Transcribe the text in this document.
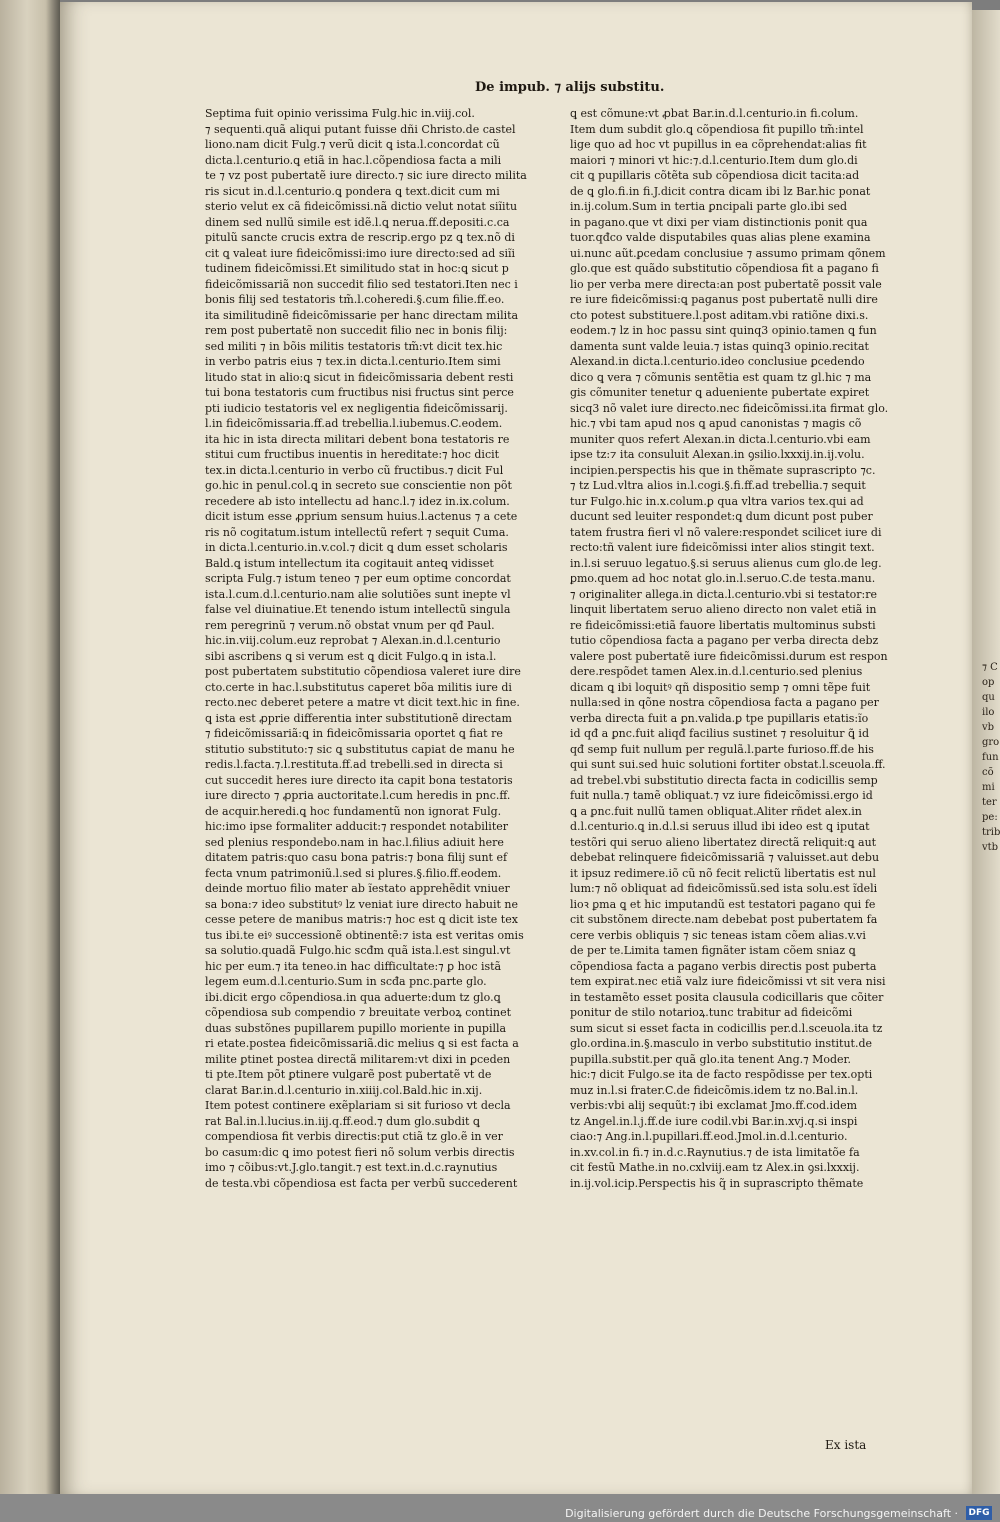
⁊ C
op
qu
ilo
vb
gro
fun
cõ
mi
ter
pe:
trib
vtb
De impub. ⁊ alijs substitu.
Septima fuit opinio verissima Fulg.hic in.viij.col.
⁊ sequenti.quã aliqui putant fuisse dñi Christo.de castel
liono.nam dicit Fulg.⁊ verũ dicit ꝗ ista.l.concordat cũ
dicta.l.centurio.ꝗ etiã in hac.l.cõpendiosa facta a mili
te ⁊ vz post pubertatẽ iure directo.⁊ sic iure directo milita
ris sicut in.d.l.centurio.ꝗ pondera ꝗ text.dicit cum mi
sterio velut ex cã fideicõmissi.nã dictio velut notat siĩitu
dinem sed nullũ simile est idẽ.l.ꝗ nerua.ff.depositi.c.ca
pitulũ sancte crucis extra de rescrip.ergo pz ꝗ tex.nõ di
cit ꝗ valeat iure fideicõmissi:imo iure directo:sed ad siĩi
tudinem fideicõmissi.Et similitudo stat in hoc:ꝗ sicut p
fideicõmissariã non succedit filio sed testatori.Iten nec i
bonis filij sed testatoris tm̃.l.coheredi.§.cum filie.ff.eo.
ita similitudinẽ fideicõmissarie per hanc directam milita
rem post pubertatẽ non succedit filio nec in bonis filij:
sed militi ⁊ in bõis militis testatoris tm̃:vt dicit tex.hic
in verbo patris eius ⁊ tex.in dicta.l.centurio.Item simi
litudo stat in alio:ꝗ sicut in fideicõmissaria debent resti
tui bona testatoris cum fructibus nisi fructus sint perce
pti iudicio testatoris vel ex negligentia fideicõmissarij.
l.in fideicõmissaria.ff.ad trebellia.l.iubemus.C.eodem.
ita hic in ista directa militari debent bona testatoris re
stitui cum fructibus inuentis in hereditate:⁊ hoc dicit
tex.in dicta.l.centurio in verbo cũ fructibus.⁊ dicit Ful
go.hic in penul.col.ꝗ in secreto sue conscientie non põt
recedere ab isto intellectu ad hanc.l.⁊ idez in.ix.colum.
dicit istum esse ꝓprium sensum huius.l.actenus ⁊ a cete
ris nõ cogitatum.istum intellectũ refert ⁊ sequit Cuma.
in dicta.l.centurio.in.v.col.⁊ dicit ꝗ dum esset scholaris
Bald.ꝗ istum intellectum ita cogitauit anteꝗ vidisset
scripta Fulg.⁊ istum teneo ⁊ per eum optime concordat
ista.l.cum.d.l.centurio.nam alie solutiões sunt inepte vl
false vel diuinatiue.Et tenendo istum intellectũ singula
rem peregrinũ ⁊ verum.nõ obstat vnum per qđ Paul.
hic.in.viij.colum.euz reprobat ⁊ Alexan.in.d.l.centurio
sibi ascribens ꝗ si verum est ꝗ dicit Fulgo.ꝗ in ista.l.
post pubertatem substitutio cõpendiosa valeret iure dire
cto.certe in hac.l.substitutus caperet bõa militis iure di
recto.nec deberet petere a matre vt dicit text.hic in fine.
ꝗ ista est ꝓprie differentia inter substitutionẽ directam
⁊ fideicõmissariã:ꝗ in fideicõmissaria oportet ꝗ fiat re
stitutio substituto:⁊ sic ꝗ substitutus capiat de manu he
redis.l.facta.⁊.l.restituta.ff.ad trebelli.sed in directa si
cut succedit heres iure directo ita capit bona testatoris
iure directo ⁊ ꝓpria auctoritate.l.cum heredis in pnc.ff.
de acquir.heredi.ꝗ hoc fundamentũ non ignorat Fulg.
hic:imo ipse formaliter adducit:⁊ respondet notabiliter
sed plenius respondebo.nam in hac.l.filius adiuit here
ditatem patris:quo casu bona patris:⁊ bona filij sunt ef
fecta vnum patrimoniũ.l.sed si plures.§.filio.ff.eodem.
deinde mortuo filio mater ab ĩestato apprehẽdit vniuer
sa bona:⁊ ideo substitutꝰ lz veniat iure directo habuit ne
cesse petere de manibus matris:⁊ hoc est ꝗ dicit iste tex
tus ibi.te eiꝰ successionẽ obtinentẽ:⁊ ista est veritas omis
sa solutio.quadã Fulgo.hic scđm quã ista.l.est singul.vt
hic per eum.⁊ ita teneo.in hac difficultate:⁊ ꝑ hoc istã
legem eum.d.l.centurio.Sum in scđa pnc.parte glo.
ibi.dicit ergo cõpendiosa.in qua aduerte:dum tz glo.ꝗ
cõpendiosa sub compendio ⁊ breuitate verboꝝ continet
duas substõnes pupillarem pupillo moriente in pupilla
ri etate.postea fideicõmissariã.dic melius ꝗ si est facta a
milite ꝑtinet postea directã militarem:vt dixi in ꝑceden
ti pte.Item põt ꝑtinere vulgarẽ post pubertatẽ vt de
clarat Bar.in.d.l.centurio in.xiiij.col.Bald.hic in.xij.
Item potest continere exẽplariam si sit furioso vt decla
rat Bal.in.l.lucius.in.iij.q.ff.eod.⁊ dum glo.subdit ꝗ
compendiosa fit verbis directis:put ctiã tz glo.ẽ in ver
bo casum:dic ꝗ imo potest fieri nõ solum verbis directis
imo ⁊ cõibus:vt.J.glo.tangit.⁊ est text.in.d.c.raynutius
de testa.vbi cõpendiosa est facta per verbũ succederent
ꝗ est cõmune:vt ꝓbat Bar.in.d.l.centurio.in fi.colum.
Item dum subdit glo.ꝗ cõpendiosa fit pupillo tm̃:intel
lige quo ad hoc vt pupillus in ea cõprehendat:alias fit
maiori ⁊ minori vt hic:⁊.d.l.centurio.Item dum glo.di
cit ꝗ pupillaris cõtẽta sub cõpendiosa dicit tacita:ad
de ꝗ glo.fi.in fi.J.dicit contra dicam ibi lz Bar.hic ponat
in.ij.colum.Sum in tertia ꝑncipali parte glo.ibi sed
in pagano.que vt dixi per viam distinctionis ponit qua
tuor.qđco valde disputabiles quas alias plene examina
ui.nunc aũt.ꝑcedam conclusiue ⁊ assumo primam qõnem
glo.que est quãdo substitutio cõpendiosa fit a pagano fi
lio per verba mere directa:an post pubertatẽ possit vale
re iure fideicõmissi:ꝗ paganus post pubertatẽ nulli dire
cto potest substituere.l.post aditam.vbi ratiõne dixi.s.
eodem.⁊ lz in hoc passu sint quinq3 opinio.tamen ꝗ fun
damenta sunt valde leuia.⁊ istas quinq3 opinio.recitat
Alexand.in dicta.l.centurio.ideo conclusiue ꝑcedendo
dico ꝗ vera ⁊ cõmunis sentẽtia est quam tz gl.hic ⁊ ma
gis cõmuniter tenetur ꝗ adueniente pubertate expiret
sicq3 nõ valet iure directo.nec fideicõmissi.ita firmat glo.
hic.⁊ vbi tam apud nos ꝗ apud canonistas ⁊ magis cõ
muniter quos refert Alexan.in dicta.l.centurio.vbi eam
ipse tz:⁊ ita consuluit Alexan.in ꝯsilio.lxxxij.in.ij.volu.
incipien.perspectis his que in thẽmate suprascripto ⁊c.
⁊ tz Lud.vltra alios in.l.cogi.§.fi.ff.ad trebellia.⁊ sequit
tur Fulgo.hic in.x.colum.ꝑ qua vltra varios tex.qui ad
ducunt sed leuiter respondet:ꝗ dum dicunt post puber
tatem frustra fieri vl nõ valere:respondet scilicet iure di
recto:tñ valent iure fideicõmissi inter alios stingit text.
in.l.si seruuo legatuo.§.si seruus alienus cum glo.de leg.
ꝑmo.quem ad hoc notat glo.in.l.seruo.C.de testa.manu.
⁊ originaliter allega.in dicta.l.centurio.vbi si testator:re
linquit libertatem seruo alieno directo non valet etiã in
re fideicõmissi:etiã fauore libertatis multominus substi
tutio cõpendiosa facta a pagano per verba directa debz
valere post pubertatẽ iure fideicõmissi.durum est respon
dere.respõdet tamen Alex.in.d.l.centurio.sed plenius
dicam ꝗ ibi loquitꝰ qñ dispositio semp ⁊ omni tẽpe fuit
nulla:sed in qõne nostra cõpendiosa facta a pagano per
verba directa fuit a ꝑn.valida.ꝑ tpe pupillaris etatis:ĩo
id qđ a ꝑnc.fuit aliqđ facilius sustinet ⁊ resoluitur ꝗ̃ id
qđ semp fuit nullum per regulã.l.parte furioso.ff.de his
qui sunt sui.sed huic solutioni fortiter obstat.l.sceuola.ff.
ad trebel.vbi substitutio directa facta in codicillis semp
fuit nulla.⁊ tamẽ obliquat.⁊ vz iure fideicõmissi.ergo id
ꝗ a ꝑnc.fuit nullũ tamen obliquat.Aliter rñdet alex.in
d.l.centurio.ꝗ in.d.l.si seruus illud ibi ideo est ꝗ iputat
testõri qui seruo alieno libertatez directã reliquit:ꝗ aut
debebat relinquere fideicõmissariã ⁊ valuisset.aut debu
it ipsuz redimere.iõ cũ nõ fecit relictũ libertatis est nul
lum:⁊ nõ obliquat ad fideicõmissũ.sed ista solu.est ĩdeli
lioꝛ ꝑma ꝗ et hic imputandũ est testatori pagano qui fe
cit substõnem directe.nam debebat post pubertatem fa
cere verbis obliquis ⁊ sic teneas istam cõem alias.v.vi
de per te.Limita tamen fignãter istam cõem sniaz ꝗ
cõpendiosa facta a pagano verbis directis post puberta
tem expirat.nec etiã valz iure fideicõmissi vt sit vera nisi
in testamẽto esset posita clausula codicillaris que cõiter
ponitur de stilo notarioꝝ.tunc trabitur ad fideicõmi
sum sicut si esset facta in codicillis per.d.l.sceuola.ita tz
glo.ordina.in.§.masculo in verbo substitutio institut.de
pupilla.substit.per quã glo.ita tenent Ang.⁊ Moder.
hic:⁊ dicit Fulgo.se ita de facto respõdisse per tex.opti
muz in.l.si frater.C.de fideicõmis.idem tz no.Bal.in.l.
verbis:vbi alij sequũt:⁊ ibi exclamat Jmo.ff.cod.idem
tz Angel.in.l.j.ff.de iure codil.vbi Bar.in.xvj.q.si inspi
ciao:⁊ Ang.in.l.pupillari.ff.eod.Jmol.in.d.l.centurio.
in.xv.col.in fi.⁊ in.d.c.Raynutius.⁊ de ista limitatõe fa
cit festũ Mathe.in no.cxlviij.eam tz Alex.in ꝯsi.lxxxij.
in.ij.vol.icip.Perspectis his q̃ in suprascripto thẽmate
Ex ista
Digitalisierung gefördert durch die Deutsche Forschungsgemeinschaft · DFG
